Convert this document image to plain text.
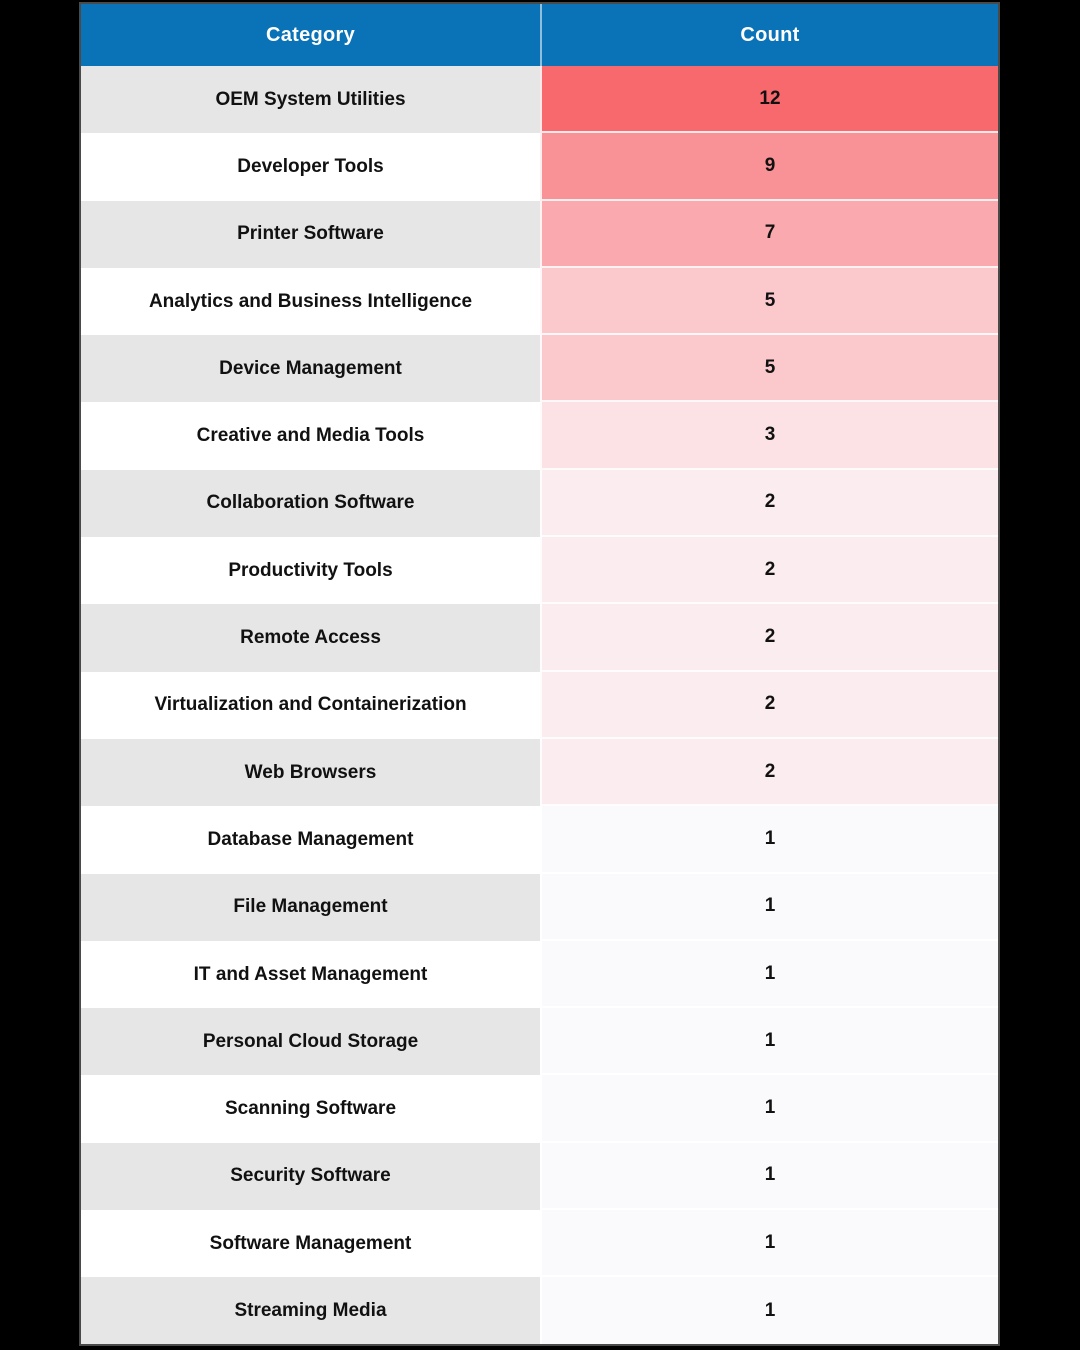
Category	Count
OEM System Utilities	12
Developer Tools	9
Printer Software	7
Analytics and Business Intelligence	5
Device Management	5
Creative and Media Tools	3
Collaboration Software	2
Productivity Tools	2
Remote Access	2
Virtualization and Containerization	2
Web Browsers	2
Database Management	1
File Management	1
IT and Asset Management	1
Personal Cloud Storage	1
Scanning Software	1
Security Software	1
Software Management	1
Streaming Media	1
